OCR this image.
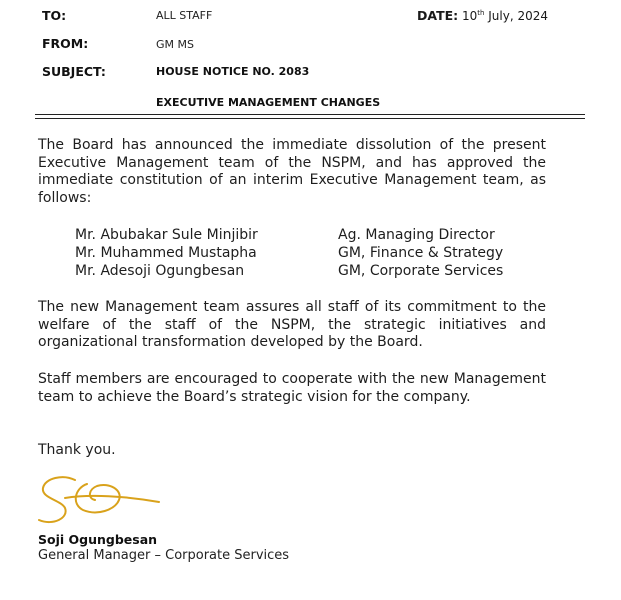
TO:	ALL STAFF	DATE: 10th July, 2024
FROM:	GM MS
SUBJECT:	HOUSE NOTICE NO. 2083
EXECUTIVE MANAGEMENT CHANGES
The Board has announced the immediate dissolution of the present Executive Management team of the NSPM, and has approved the immediate constitution of an interim Executive Management team, as follows:
Mr. Abubakar Sule Minjibir	Ag. Managing Director
Mr. Muhammed Mustapha	GM, Finance & Strategy
Mr. Adesoji Ogungbesan	GM, Corporate Services
The new Management team assures all staff of its commitment to the welfare of the staff of the NSPM, the strategic initiatives and organizational transformation developed by the Board.
Staff members are encouraged to cooperate with the new Management team to achieve the Board’s strategic vision for the company.
Thank you.
Soji Ogungbesan
General Manager – Corporate Services
